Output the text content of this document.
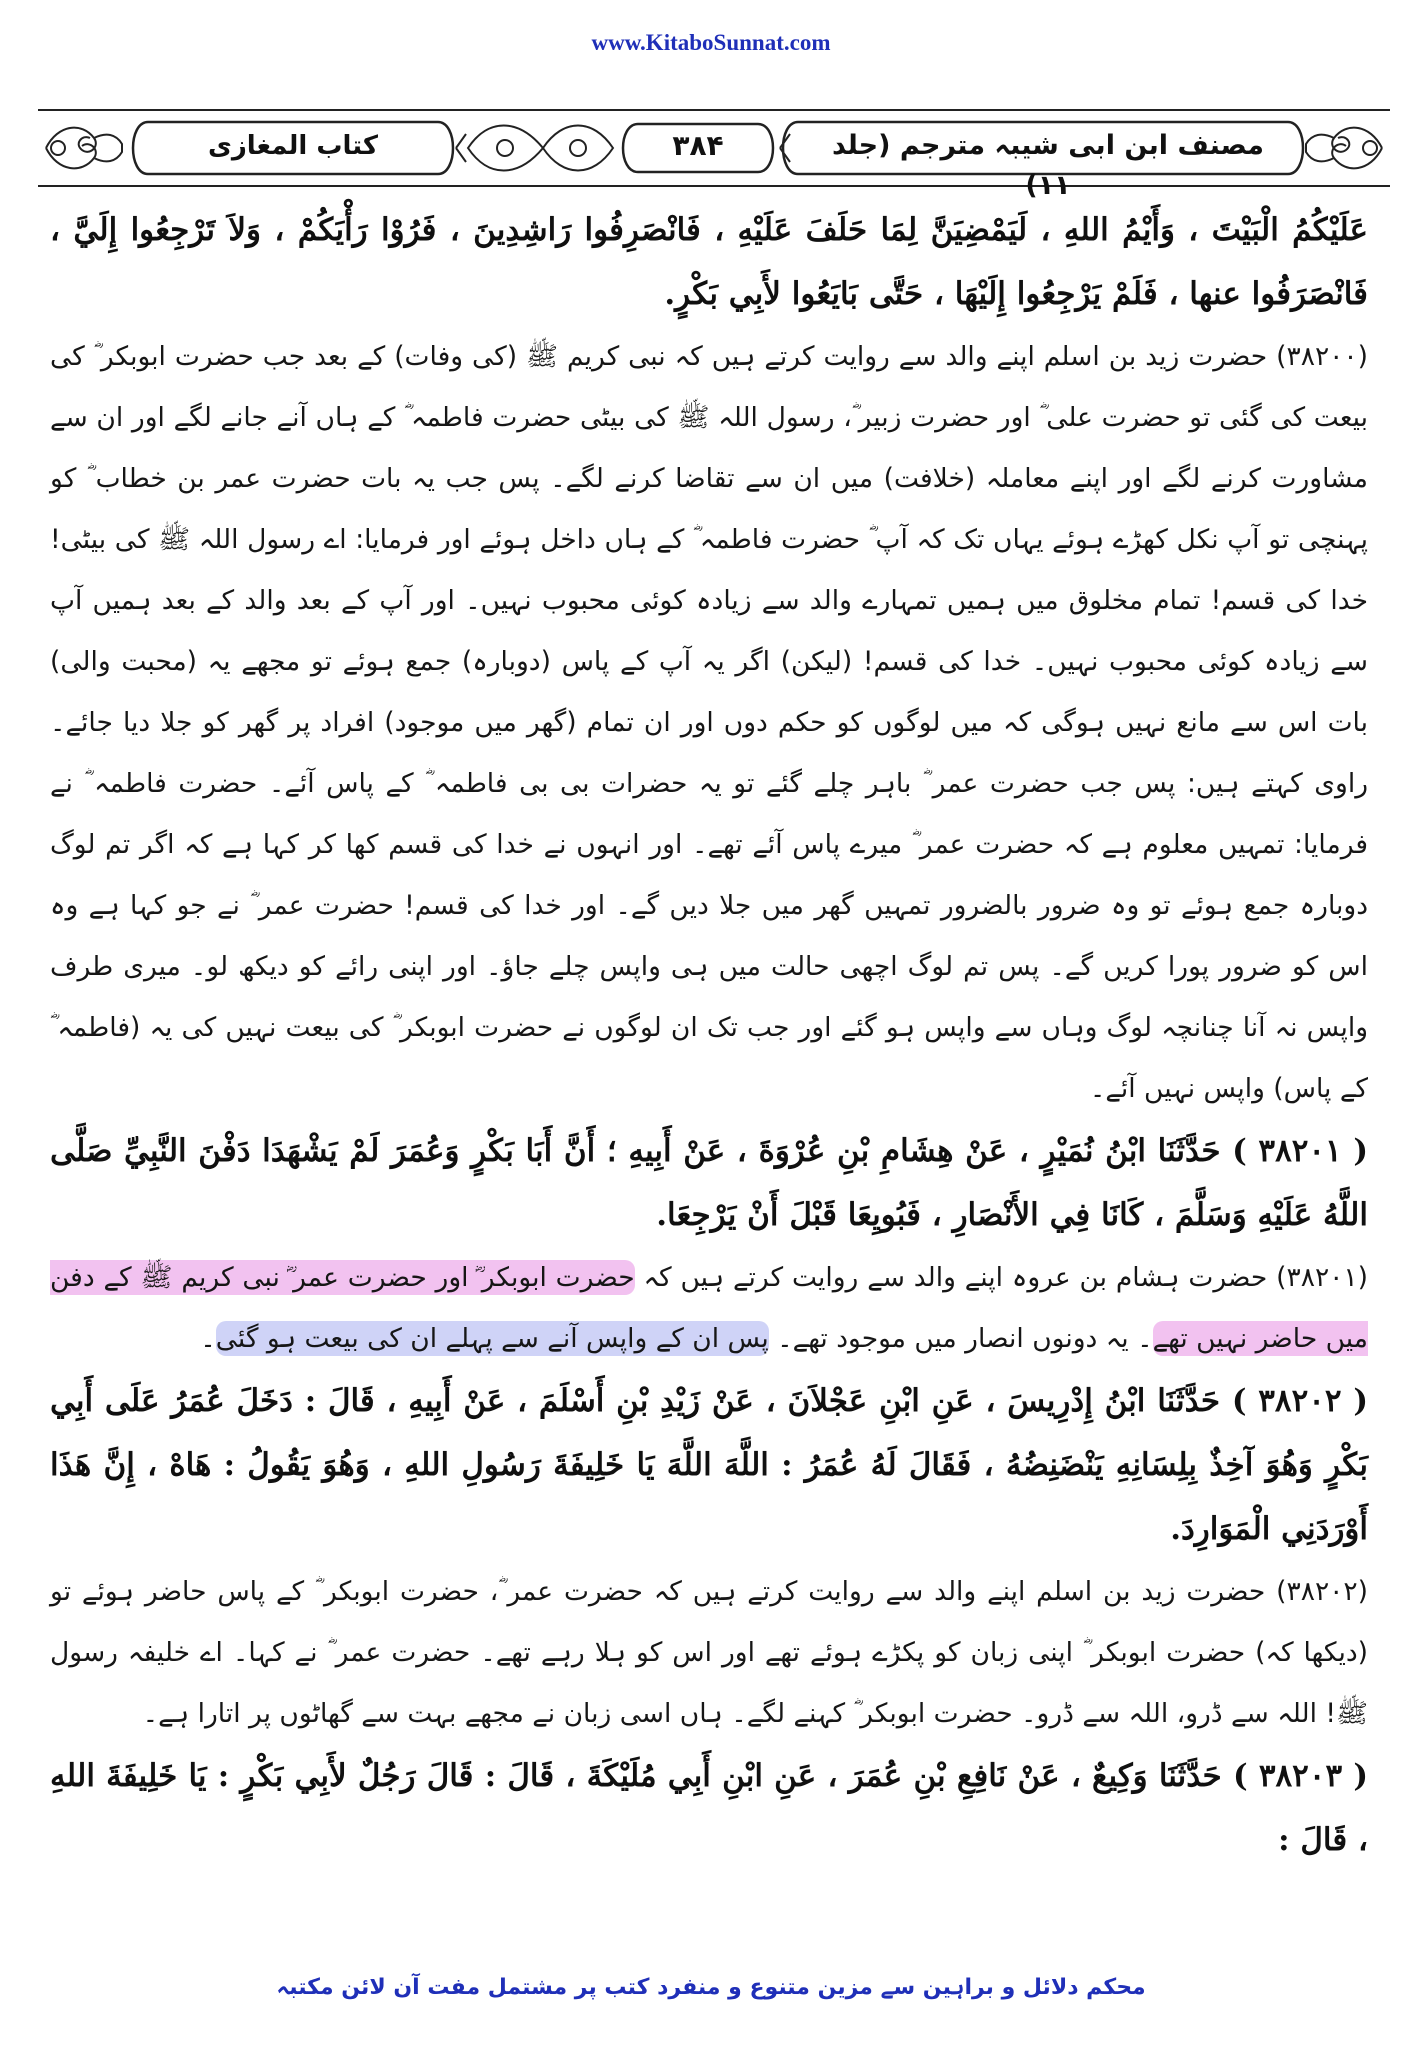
www.KitaboSunnat.com
مصنف ابن ابی شیبہ مترجم (جلد ۱۱)
۳۸۴
کتاب المغازی

عَلَيْكُمُ الْبَيْتَ ، وَأَيْمُ اللهِ ، لَيَمْضِيَنَّ لِمَا حَلَفَ عَلَيْهِ ، فَانْصَرِفُوا رَاشِدِينَ ، فَرُوْا رَأْيَكُمْ ، وَلاَ تَرْجِعُوا إِلَيَّ ، فَانْصَرَفُوا عنها ، فَلَمْ يَرْجِعُوا إِلَيْهَا ، حَتَّى بَايَعُوا لأَبِي بَكْرٍ.

(۳۸۲۰۰) حضرت زید بن اسلم اپنے والد سے روایت کرتے ہیں کہ نبی کریم ﷺ (کی وفات) کے بعد جب حضرت ابوبکر ؓ کی بیعت کی گئی تو حضرت علی ؓ اور حضرت زبیر ؓ، رسول اللہ ﷺ کی بیٹی حضرت فاطمہ ؓ کے ہاں آنے جانے لگے اور ان سے مشاورت کرنے لگے اور اپنے معاملہ (خلافت) میں ان سے تقاضا کرنے لگے۔ پس جب یہ بات حضرت عمر بن خطاب ؓ کو پہنچی تو آپ نکل کھڑے ہوئے یہاں تک کہ آپ ؓ حضرت فاطمہ ؓ کے ہاں داخل ہوئے اور فرمایا: اے رسول اللہ ﷺ کی بیٹی! خدا کی قسم! تمام مخلوق میں ہمیں تمہارے والد سے زیادہ کوئی محبوب نہیں۔ اور آپ کے بعد والد کے بعد ہمیں آپ سے زیادہ کوئی محبوب نہیں۔ خدا کی قسم! (لیکن) اگر یہ آپ کے پاس (دوبارہ) جمع ہوئے تو مجھے یہ (محبت والی) بات اس سے مانع نہیں ہوگی کہ میں لوگوں کو حکم دوں اور ان تمام (گھر میں موجود) افراد پر گھر کو جلا دیا جائے۔ راوی کہتے ہیں: پس جب حضرت عمر ؓ باہر چلے گئے تو یہ حضرات بی بی فاطمہ ؓ کے پاس آئے۔ حضرت فاطمہ ؓ نے فرمایا: تمہیں معلوم ہے کہ حضرت عمر ؓ میرے پاس آئے تھے۔ اور انہوں نے خدا کی قسم کھا کر کہا ہے کہ اگر تم لوگ دوبارہ جمع ہوئے تو وہ ضرور بالضرور تمہیں گھر میں جلا دیں گے۔ اور خدا کی قسم! حضرت عمر ؓ نے جو کہا ہے وہ اس کو ضرور پورا کریں گے۔ پس تم لوگ اچھی حالت میں ہی واپس چلے جاؤ۔ اور اپنی رائے کو دیکھ لو۔ میری طرف واپس نہ آنا چنانچہ لوگ وہاں سے واپس ہو گئے اور جب تک ان لوگوں نے حضرت ابوبکر ؓ کی بیعت نہیں کی یہ (فاطمہ ؓ کے پاس) واپس نہیں آئے۔

( ۳۸۲۰۱ ) حَدَّثَنَا ابْنُ نُمَيْرٍ ، عَنْ هِشَامِ بْنِ عُرْوَةَ ، عَنْ أَبِيهِ ؛ أَنَّ أَبَا بَكْرٍ وَعُمَرَ لَمْ يَشْهَدَا دَفْنَ النَّبِيِّ صَلَّى اللَّهُ عَلَيْهِ وَسَلَّمَ ، كَانَا فِي الأَنْصَارِ ، فَبُويِعَا قَبْلَ أَنْ يَرْجِعَا.

(۳۸۲۰۱) حضرت ہشام بن عروہ اپنے والد سے روایت کرتے ہیں کہ حضرت ابوبکر ؓ اور حضرت عمر ؓ نبی کریم ﷺ کے دفن میں حاضر نہیں تھے۔ یہ دونوں انصار میں موجود تھے۔ پس ان کے واپس آنے سے پہلے ان کی بیعت ہو گئی۔

( ۳۸۲۰۲ ) حَدَّثَنَا ابْنُ إِدْرِيسَ ، عَنِ ابْنِ عَجْلاَنَ ، عَنْ زَيْدِ بْنِ أَسْلَمَ ، عَنْ أَبِيهِ ، قَالَ : دَخَلَ عُمَرُ عَلَى أَبِي بَكْرٍ وَهُوَ آخِذٌ بِلِسَانِهِ يَنْضَنِضُهُ ، فَقَالَ لَهُ عُمَرُ : اللَّهَ اللَّهَ يَا خَلِيفَةَ رَسُولِ اللهِ ، وَهُوَ يَقُولُ : هَاهْ ، إِنَّ هَذَا أَوْرَدَنِي الْمَوَارِدَ.

(۳۸۲۰۲) حضرت زید بن اسلم اپنے والد سے روایت کرتے ہیں کہ حضرت عمر ؓ، حضرت ابوبکر ؓ کے پاس حاضر ہوئے تو (دیکھا کہ) حضرت ابوبکر ؓ اپنی زبان کو پکڑے ہوئے تھے اور اس کو ہلا رہے تھے۔ حضرت عمر ؓ نے کہا۔ اے خلیفہ رسول ﷺ! اللہ سے ڈرو، اللہ سے ڈرو۔ حضرت ابوبکر ؓ کہنے لگے۔ ہاں اسی زبان نے مجھے بہت سے گھاٹوں پر اتارا ہے۔

( ۳۸۲۰۳ ) حَدَّثَنَا وَكِيعٌ ، عَنْ نَافِعِ بْنِ عُمَرَ ، عَنِ ابْنِ أَبِي مُلَيْكَةَ ، قَالَ : قَالَ رَجُلٌ لأَبِي بَكْرٍ : يَا خَلِيفَةَ اللهِ ، قَالَ :

محکم دلائل و براہین سے مزین متنوع و منفرد کتب پر مشتمل مفت آن لائن مکتبہ
